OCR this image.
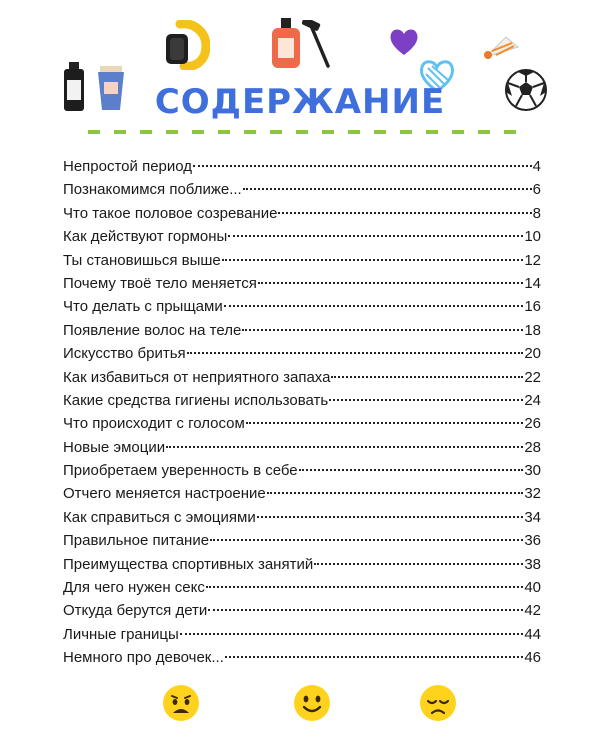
СОДЕРЖАНИЕ
Непростой период	4
Познакомимся поближе...	6
Что такое половое созревание	8
Как действуют гормоны	10
Ты становишься выше	12
Почему твоё тело меняется	14
Что делать с прыщами	16
Появление волос на теле	18
Искусство бритья	20
Как избавиться от неприятного запаха	22
Какие средства гигиены использовать	24
Что происходит с голосом	26
Новые эмоции	28
Приобретаем уверенность в себе	30
Отчего меняется настроение	32
Как справиться с эмоциями	34
Правильное питание	36
Преимущества спортивных занятий	38
Для чего нужен секс	40
Откуда берутся дети	42
Личные границы	44
Немного про девочек...	46
